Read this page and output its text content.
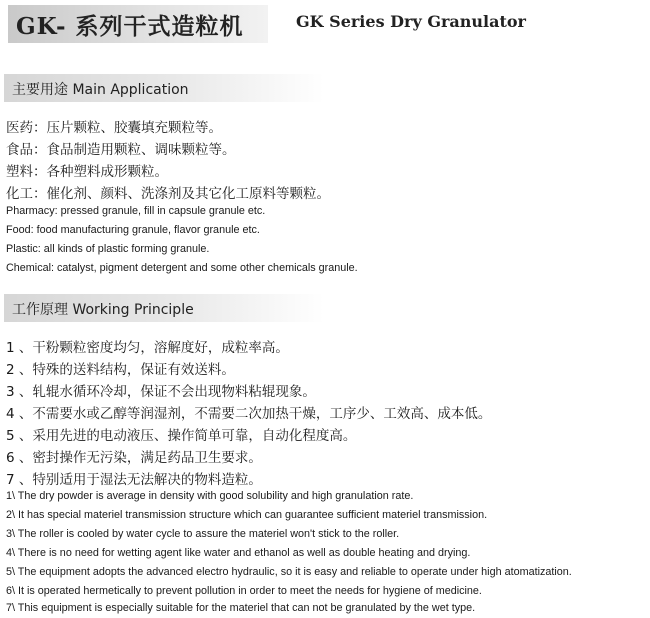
GK- 系列干式造粒机	GK Series Dry Granulator
主要用途 Main Application
医药：压片颗粒、胶囊填充颗粒等。
食品：食品制造用颗粒、调味颗粒等。
塑料：各种塑料成形颗粒。
化工：催化剂、颜料、洗涤剂及其它化工原料等颗粒。
Pharmacy: pressed granule, fill in capsule granule etc.
Food: food manufacturing granule, flavor granule etc.
Plastic: all kinds of plastic forming granule.
Chemical: catalyst, pigment detergent and some other chemicals granule.
工作原理 Working Principle
1 、干粉颗粒密度均匀，溶解度好，成粒率高。
2 、特殊的送料结构，保证有效送料。
3 、轧辊水循环冷却，保证不会出现物料粘辊现象。
4 、不需要水或乙醇等润湿剂，不需要二次加热干燥，工序少、工效高、成本低。
5 、采用先进的电动液压、操作简单可靠，自动化程度高。
6 、密封操作无污染，满足药品卫生要求。
7 、特别适用于湿法无法解决的物料造粒。
1\ The dry powder is average in density with good solubility and high granulation rate.
2\ It has special materiel transmission structure which can guarantee sufficient materiel transmission.
3\ The roller is cooled by water cycle to assure the materiel won't stick to the roller.
4\ There is no need for wetting agent like water and ethanol as well as double heating and drying.
5\ The equipment adopts the advanced electro hydraulic, so it is easy and reliable to operate under high atomatization.
6\ It is operated hermetically to prevent pollution in order to meet the needs for hygiene of medicine.
7\ This equipment is especially suitable for the materiel that can not be granulated by the wet type.
